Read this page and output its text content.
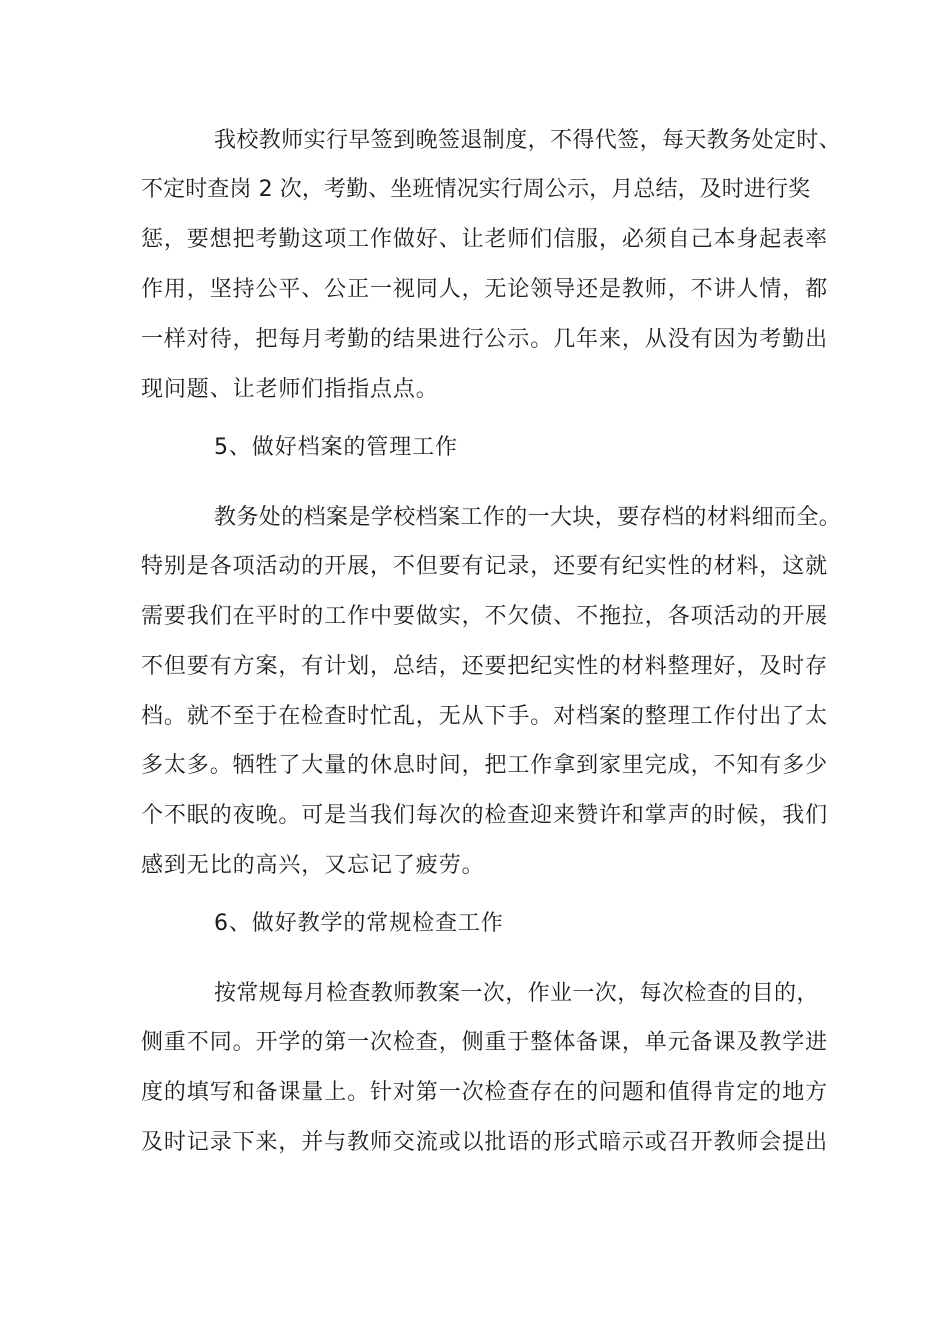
我校教师实行早签到晚签退制度，不得代签，每天教务处定时、
不定时查岗 2 次，考勤、坐班情况实行周公示，月总结，及时进行奖
惩，要想把考勤这项工作做好、让老师们信服，必须自己本身起表率
作用，坚持公平、公正一视同人，无论领导还是教师，不讲人情，都
一样对待，把每月考勤的结果进行公示。几年来，从没有因为考勤出
现问题、让老师们指指点点。
5、做好档案的管理工作
教务处的档案是学校档案工作的一大块，要存档的材料细而全。
特别是各项活动的开展，不但要有记录，还要有纪实性的材料，这就
需要我们在平时的工作中要做实，不欠债、不拖拉，各项活动的开展
不但要有方案，有计划，总结，还要把纪实性的材料整理好，及时存
档。就不至于在检查时忙乱，无从下手。对档案的整理工作付出了太
多太多。牺牲了大量的休息时间，把工作拿到家里完成，不知有多少
个不眠的夜晚。可是当我们每次的检查迎来赞许和掌声的时候，我们
感到无比的高兴，又忘记了疲劳。
6、做好教学的常规检查工作
按常规每月检查教师教案一次，作业一次，每次检查的目的，
侧重不同。开学的第一次检查，侧重于整体备课，单元备课及教学进
度的填写和备课量上。针对第一次检查存在的问题和值得肯定的地方
及时记录下来，并与教师交流或以批语的形式暗示或召开教师会提出
